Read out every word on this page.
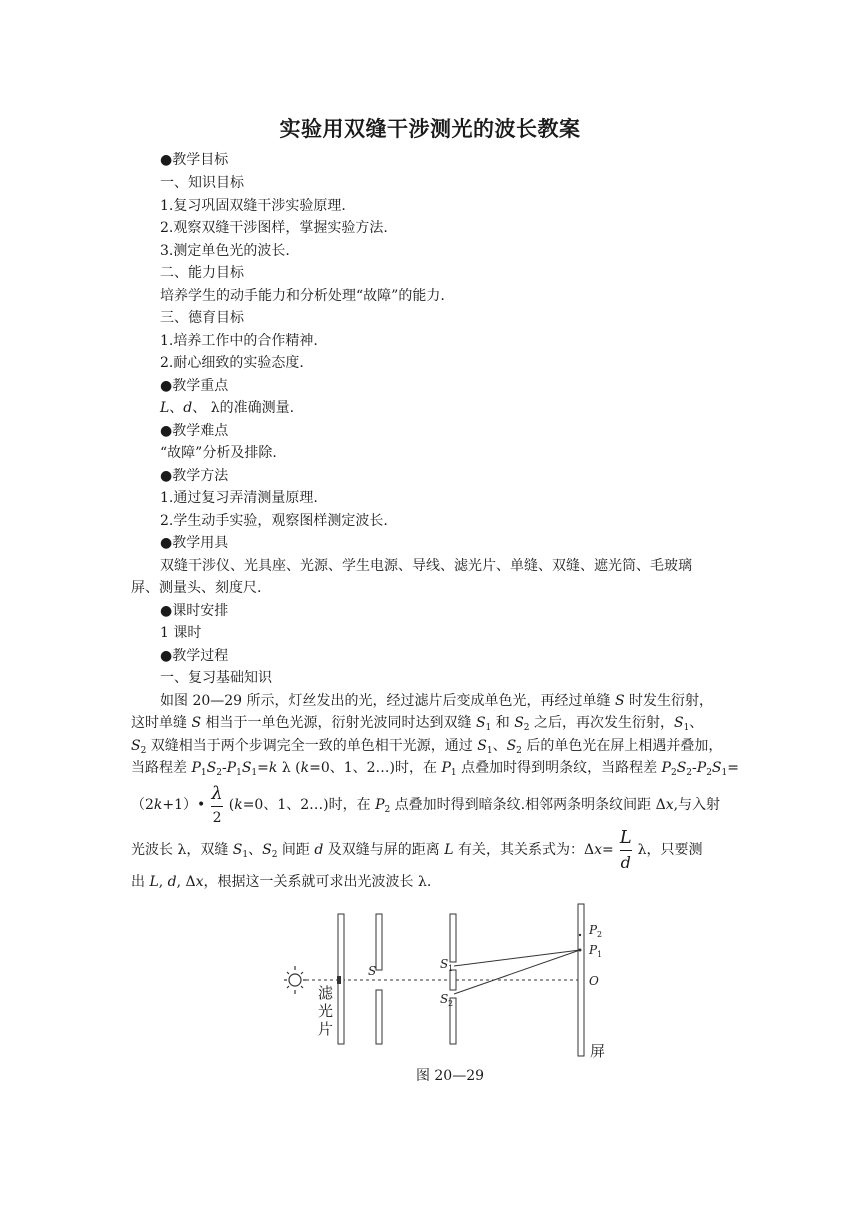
实验用双缝干涉测光的波长教案
●教学目标
一、知识目标
1.复习巩固双缝干涉实验原理.
2.观察双缝干涉图样，掌握实验方法.
3.测定单色光的波长.
二、能力目标
培养学生的动手能力和分析处理“故障”的能力.
三、德育目标
1.培养工作中的合作精神.
2.耐心细致的实验态度.
●教学重点
L、d、 λ的准确测量.
●教学难点
“故障”分析及排除.
●教学方法
1.通过复习弄清测量原理.
2.学生动手实验，观察图样测定波长.
●教学用具
双缝干涉仪、光具座、光源、学生电源、导线、滤光片、单缝、双缝、遮光筒、毛玻璃
屏、测量头、刻度尺.
●课时安排
1 课时
●教学过程
一、复习基础知识
如图 20—29 所示，灯丝发出的光，经过滤片后变成单色光，再经过单缝 S 时发生衍射，
这时单缝 S 相当于一单色光源，衍射光波同时达到双缝 $S_1$ 和 $S_2$ 之后，再次发生衍射，$S_1$、
$S_2$ 双缝相当于两个步调完全一致的单色相干光源，通过 $S_1$、$S_2$ 后的单色光在屏上相遇并叠加，
当路程差 $P_1S_2-P_1S_1=k$ λ (k=0、1、2…)时，在 $P_1$ 点叠加时得到明条纹，当路程差 $P_2S_2-P_2S_1=$
（2k+1）• $\frac{\lambda}{2} (k=0$、1、2…)时，在 $P_2$ 点叠加时得到暗条纹.相邻两条明条纹间距 Δx,与入射
光波长 λ，双缝 $S_1$、$S_2$ 间距 d 及双缝与屏的距离 L 有关，其关系式为：$\Delta x= \frac{L}{d}$ λ，只要测
出 L, d, Δx，根据这一关系就可求出光波波长 λ.
滤
光
片
S	S 1
S 2
P 2
P 1
O
屏
图 20—29
